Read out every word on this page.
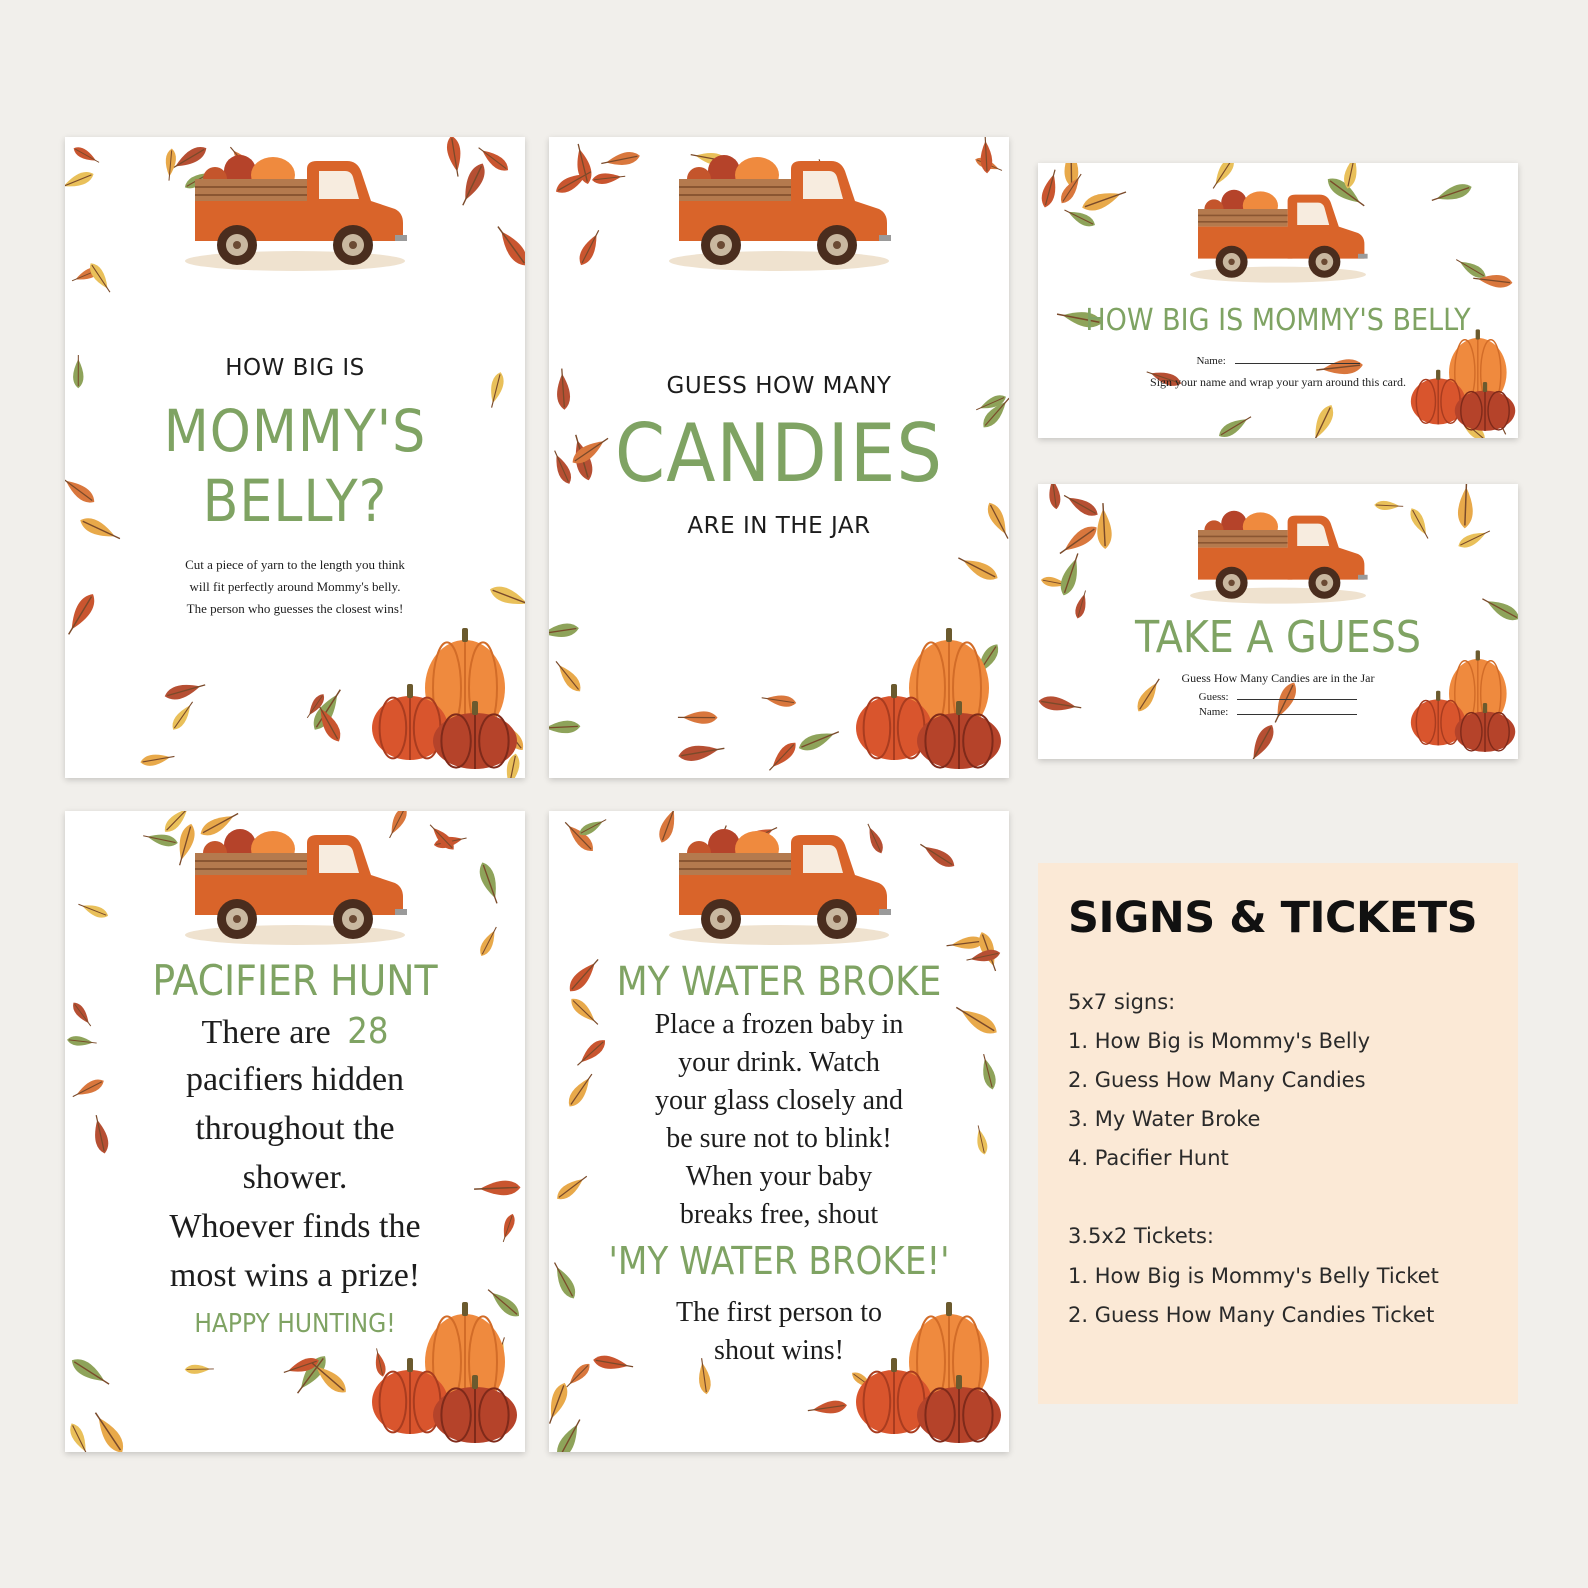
HOW BIG IS
MOMMY'S
BELLY?
Cut a piece of yarn to the length you think
will fit perfectly around Mommy's belly.
The person who guesses the closest wins!
GUESS HOW MANY
CANDIES
ARE IN THE JAR
HOW BIG IS MOMMY'S BELLY
Name:
Sign your name and wrap your yarn around this card.
TAKE A GUESS
Guess How Many Candies are in the Jar
Guess:
Name:
PACIFIER HUNT
There are 28
pacifiers hidden
throughout the
shower.
Whoever finds the
most wins a prize!
HAPPY HUNTING!
MY WATER BROKE
Place a frozen baby in
your drink. Watch
your glass closely and
be sure not to blink!
When your baby
breaks free, shout
'MY WATER BROKE!'
The first person to
shout wins!
SIGNS & TICKETS
5x7 signs:
1. How Big is Mommy's Belly
2. Guess How Many Candies
3. My Water Broke
4. Pacifier Hunt
3.5x2 Tickets:
1. How Big is Mommy's Belly Ticket
2. Guess How Many Candies Ticket
